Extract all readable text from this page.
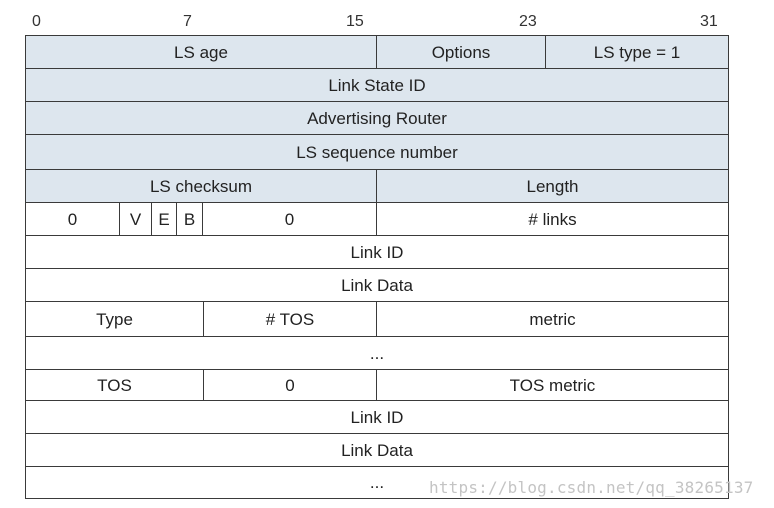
0	7	15	23	31
LS age	Options	LS type = 1
Link State ID
Advertising Router
LS sequence number
LS checksum	Length
0	V	E B	0	# links
Link ID
Link Data
Type	# TOS	metric
...
TOS	0	TOS metric
Link ID
Link Data
...	https://blog.csdn.net/qq_38265137
